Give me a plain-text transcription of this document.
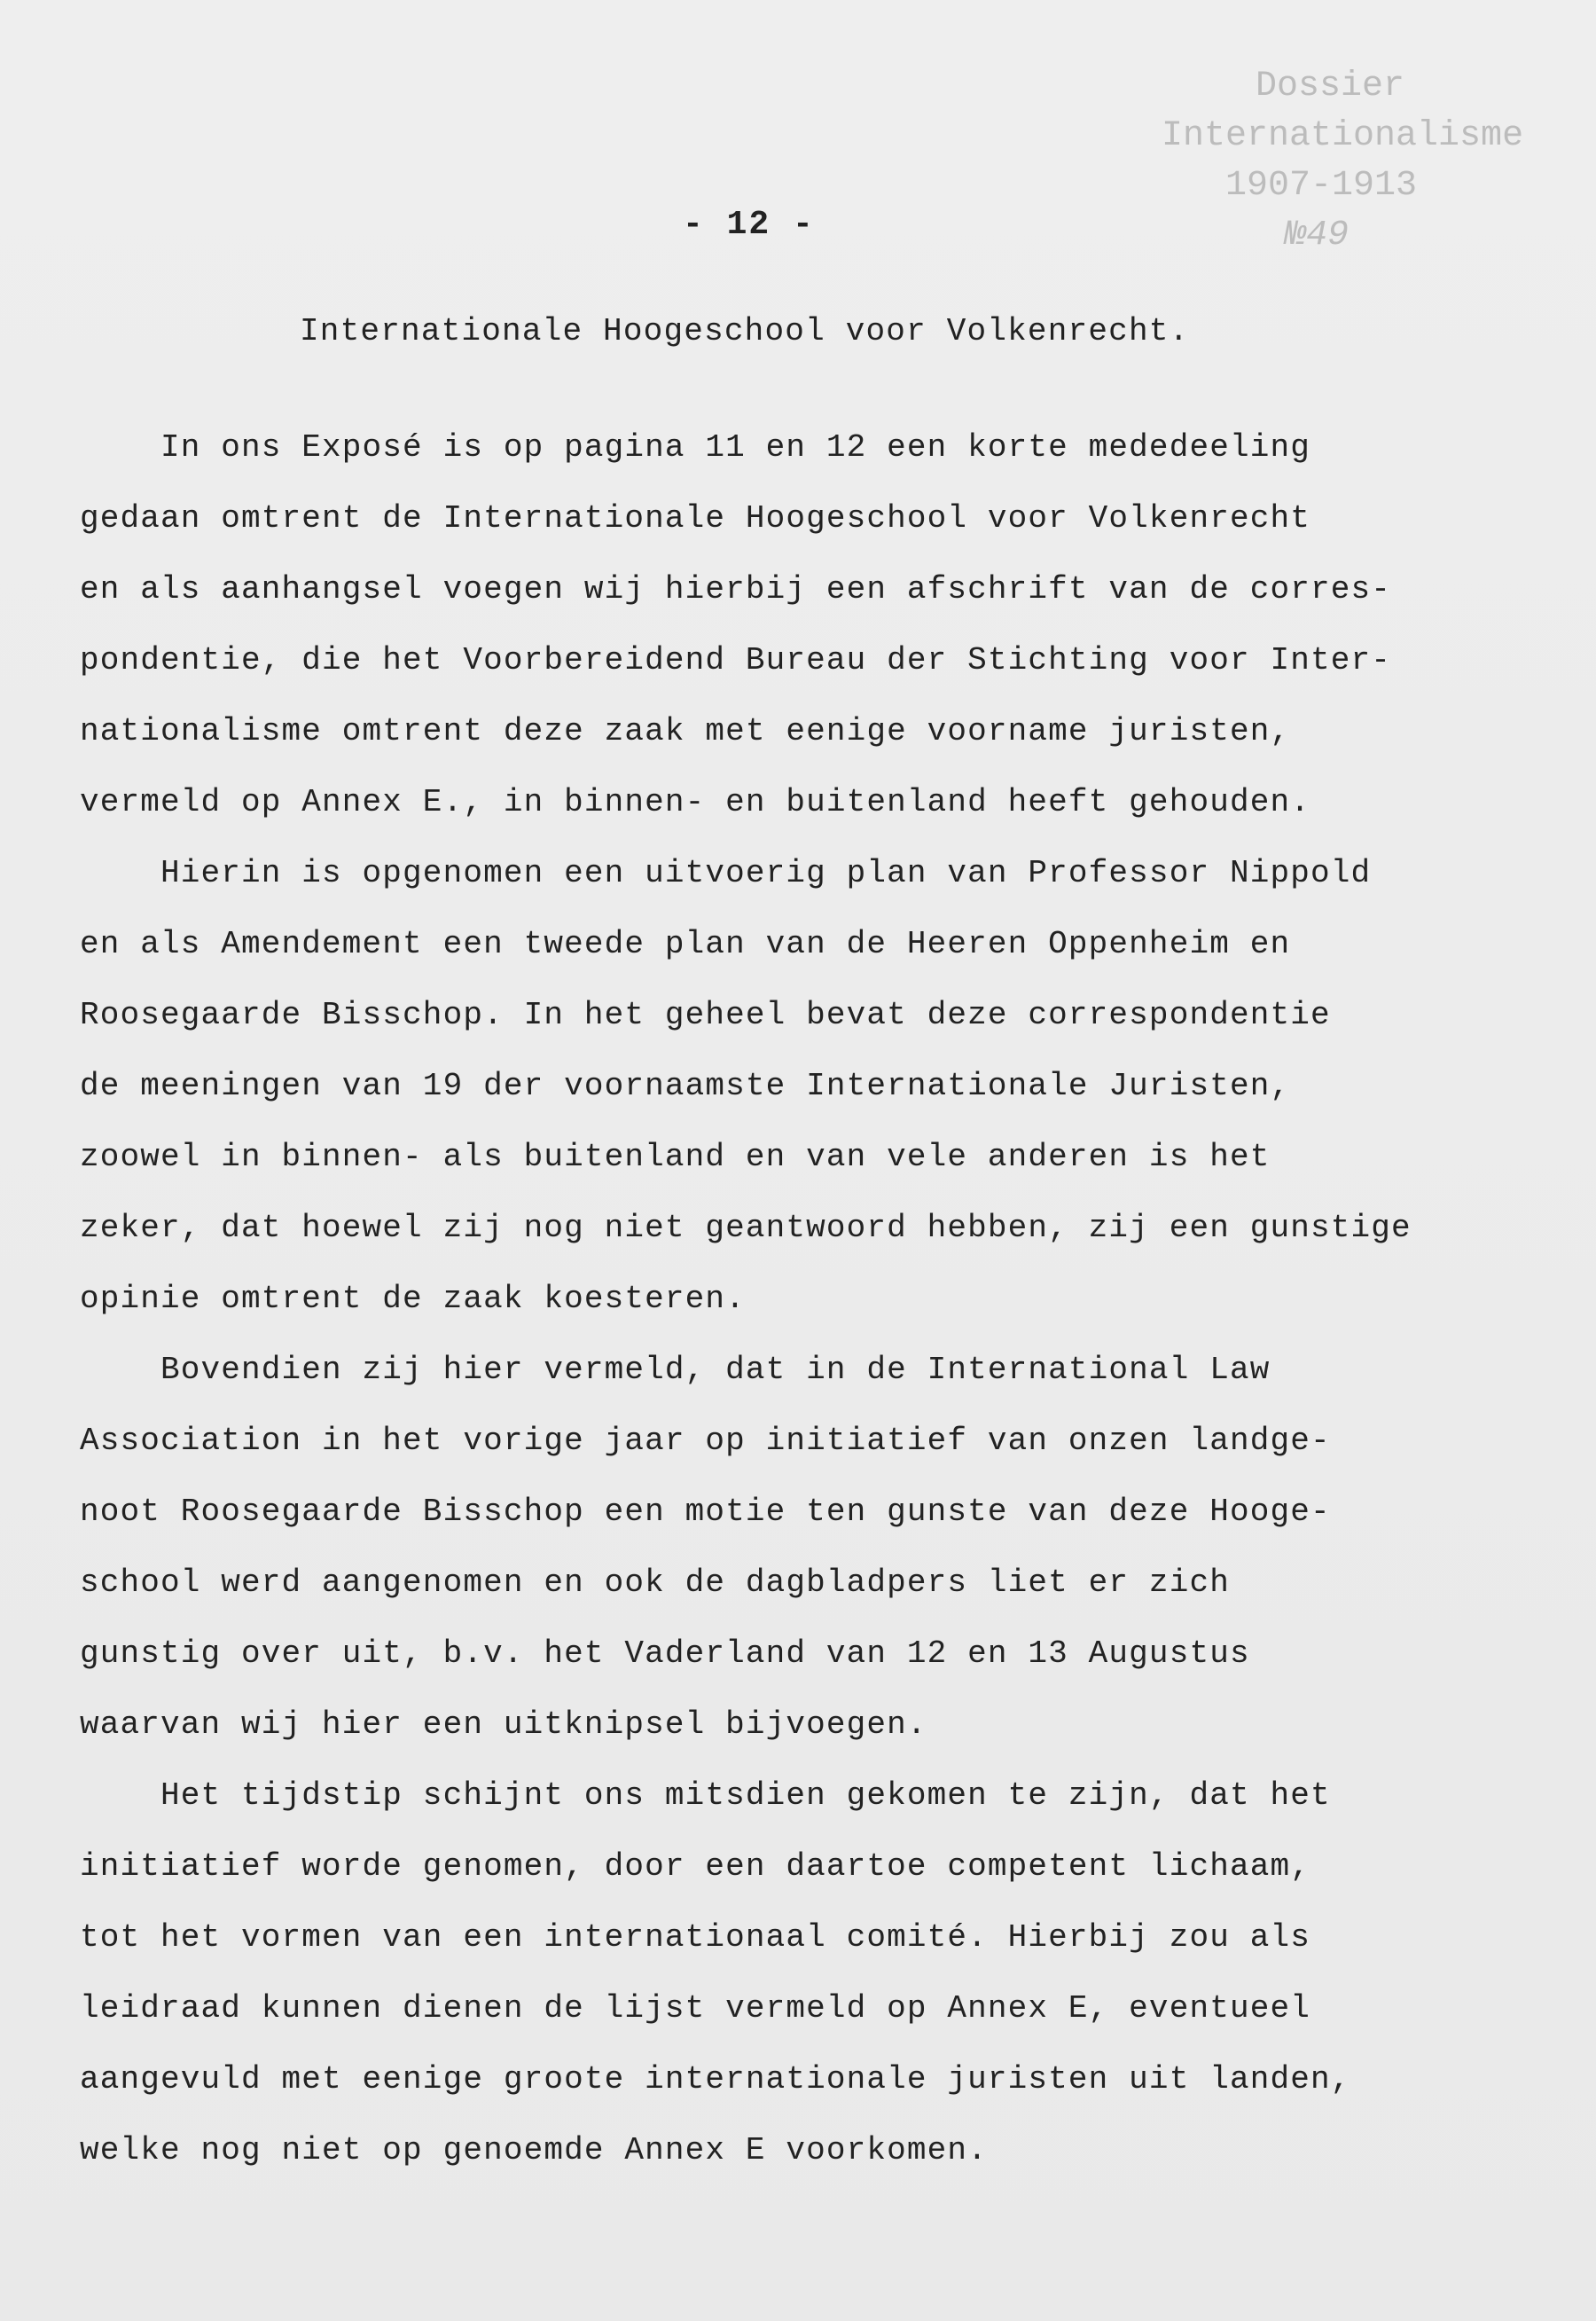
Dossier
Internationalisme
1907-1913
№49
- 12 -
Internationale Hoogeschool voor Volkenrecht.
In ons Exposé is op pagina 11 en 12 een korte mededeeling
gedaan omtrent de Internationale Hoogeschool voor Volkenrecht
en als aanhangsel voegen wij hierbij een afschrift van de corres-
pondentie, die het Voorbereidend Bureau der Stichting voor Inter-
nationalisme omtrent deze zaak met eenige voorname juristen,
vermeld op Annex E., in binnen- en buitenland heeft gehouden.
Hierin is opgenomen een uitvoerig plan van Professor Nippold
en als Amendement een tweede plan van de Heeren Oppenheim en
Roosegaarde Bisschop. In het geheel bevat deze correspondentie
de meeningen van 19 der voornaamste Internationale Juristen,
zoowel in binnen- als buitenland en van vele anderen is het
zeker, dat hoewel zij nog niet geantwoord hebben, zij een gunstige
opinie omtrent de zaak koesteren.
Bovendien zij hier vermeld, dat in de International Law
Association in het vorige jaar op initiatief van onzen landge-
noot Roosegaarde Bisschop een motie ten gunste van deze Hooge-
school werd aangenomen en ook de dagbladpers liet er zich
gunstig over uit, b.v. het Vaderland van 12 en 13 Augustus
waarvan wij hier een uitknipsel bijvoegen.
Het tijdstip schijnt ons mitsdien gekomen te zijn, dat het
initiatief worde genomen, door een daartoe competent lichaam,
tot het vormen van een internationaal comité. Hierbij zou als
leidraad kunnen dienen de lijst vermeld op Annex E, eventueel
aangevuld met eenige groote internationale juristen uit landen,
welke nog niet op genoemde Annex E voorkomen.
